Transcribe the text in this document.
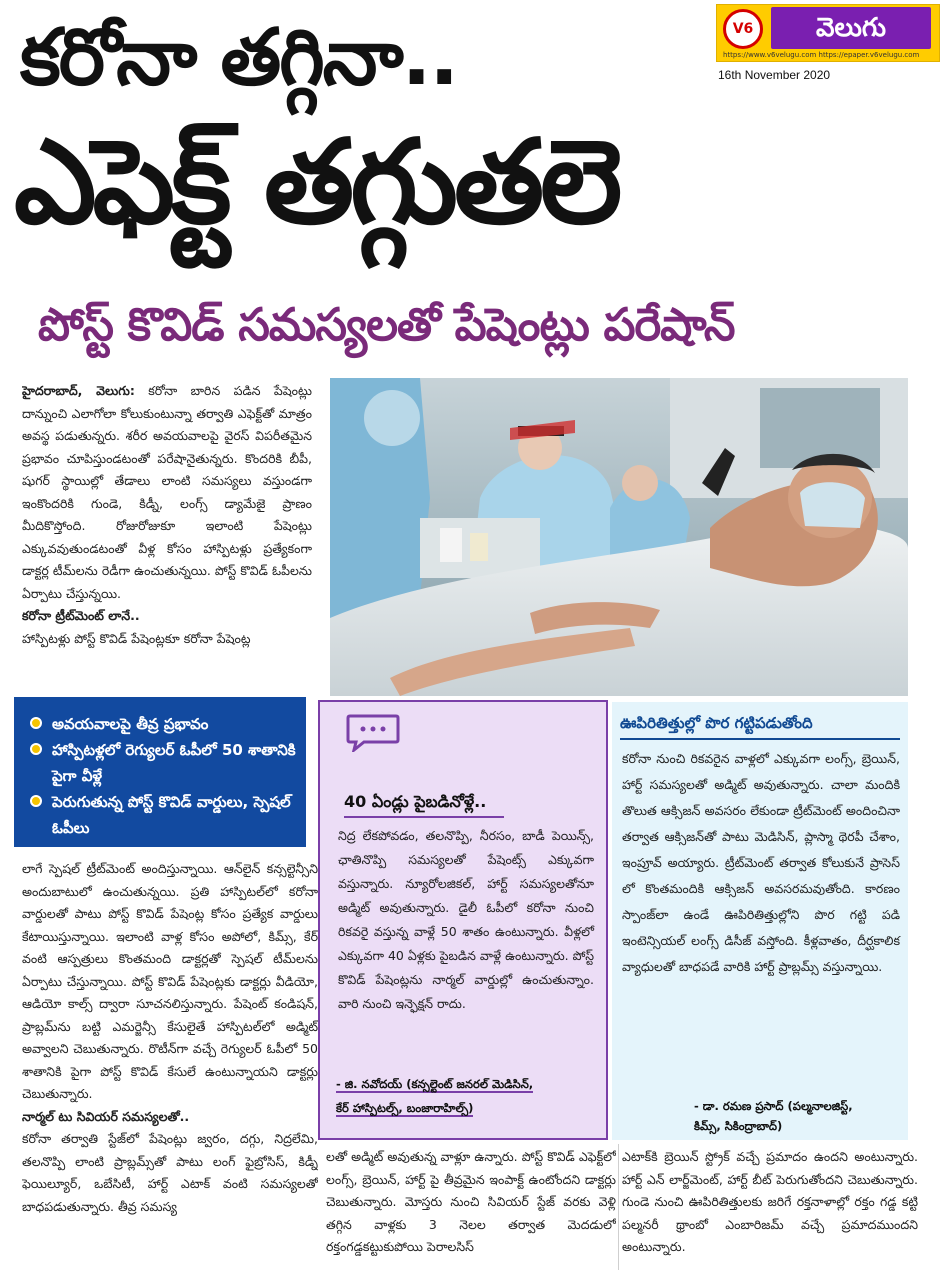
V6	వెలుగు
https://www.v6velugu.com https://epaper.v6velugu.com
16th November 2020
కరోనా తగ్గినా..
ఎఫెక్ట్ తగ్గుతలె
పోస్ట్ కొవిడ్ సమస్యలతో పేషెంట్లు పరేషాన్
హైదరాబాద్, వెలుగు: కరోనా బారిన పడిన పేషెంట్లు దాన్నుంచి ఎలాగోలా కోలుకుంటున్నా తర్వాతి ఎఫెక్ట్​తో మాత్రం అవస్థ పడుతున్నరు. శరీర అవయవాలపై వైరస్ విపరీతమైన ప్రభావం చూపిస్తుండటంతో పరేషానైతున్నరు. కొందరికి బీపీ, షుగర్ స్థాయిల్లో తేడాలు లాంటి సమస్యలు వస్తుండగా ఇంకొందరికి గుండె, కిడ్నీ, లంగ్స్ డ్యామేజై ప్రాణం మీదికొస్తోంది. రోజురోజుకూ ఇలాంటి పేషెంట్లు ఎక్కువవుతుండటంతో వీళ్ల కోసం హాస్పిటళ్లు ప్రత్యేకంగా డాక్టర్ల టీమ్​లను రెడీగా ఉంచుతున్నయి. పోస్ట్ కొవిడ్ ఓపీలను ఏర్పాటు చేస్తున్నయి.
కరోనా ట్రీట్​మెంట్ లానే..
హాస్పిటళ్లు పోస్ట్ కొవిడ్ పేషెంట్లకూ కరోనా పేషెంట్ల
అవయవాలపై తీవ్ర ప్రభావం
హాస్పిటళ్లలో రెగ్యులర్ ఓపీలో 50 శాతానికి పైగా వీళ్లే
పెరుగుతున్న పోస్ట్ కొవిడ్ వార్డులు, స్పెషల్ ఓపీలు
లాగే స్పెషల్ ట్రీట్​మెంట్ అందిస్తున్నాయి. ఆన్​లైన్ కన్సల్టెన్సీని అందుబాటులో ఉంచుతున్నయి. ప్రతి హాస్పిటల్​లో కరోనా వార్డులతో పాటు పోస్ట్ కొవిడ్ పేషెంట్ల కోసం ప్రత్యేక వార్డులు కేటాయిస్తున్నాయి. ఇలాంటి వాళ్ల కోసం అపోలో, కిమ్స్, కేర్ వంటి ఆస్పత్రులు కొంతమంది డాక్టర్లతో స్పెషల్ టీమ్​లను ఏర్పాటు చేస్తున్నాయి. పోస్ట్ కొవిడ్ పేషెంట్లకు డాక్టర్లు వీడియో, ఆడియో కాల్స్ ద్వారా సూచనలిస్తున్నారు. పేషెంట్ కండిషన్, ప్రాబ్లమ్​ను బట్టి ఎమర్జెన్సీ కేసులైతే హాస్పిటల్​లో అడ్మిట్ అవ్వాలని చెబుతున్నారు. రొటీన్​గా వచ్చే రెగ్యులర్ ఓపీలో 50 శాతానికి పైగా పోస్ట్ కొవిడ్ కేసులే ఉంటున్నాయని డాక్టర్లు చెబుతున్నారు.
నార్మల్ టు సివియర్ సమస్యలతో..
కరోనా తర్వాతి స్టేజ్​లో పేషెంట్లు జ్వరం, దగ్గు, నిద్రలేమి, తలనొప్పి లాంటి ప్రాబ్లమ్స్​తో పాటు లంగ్ ఫైబ్రోసిస్, కిడ్నీ ఫెయిల్యూర్, ఒబేసిటీ, హార్ట్ ఎటాక్ వంటి సమస్యలతో బాధపడుతున్నారు. తీవ్ర సమస్య
40 ఏండ్లు పైబడినోళ్లే..
నిద్ర లేకపోవడం, తలనొప్పి, నీరసం, బాడీ పెయిన్స్, ఛాతినొప్పి సమస్యలతో పేషెంట్స్ ఎక్కువగా వస్తున్నారు. న్యూరోలజికల్, హార్ట్ సమస్యలతోనూ అడ్మిట్ అవుతున్నారు. డైలీ ఓపీలో కరోనా నుంచి రికవరై వస్తున్న వాళ్లే 50 శాతం ఉంటున్నారు. వీళ్లలో ఎక్కువగా 40 ఏళ్లకు పైబడిన వాళ్లే ఉంటున్నారు. పోస్ట్ కొవిడ్ పేషెంట్లను నార్మల్ వార్డుల్లో ఉంచుతున్నాం. వారి నుంచి ఇన్ఫెక్షన్ రాదు.
- జి. నవోదయ్ (కన్సల్టెంట్ జనరల్ మెడిసిన్,
కేర్ హాస్పిటల్స్, బంజారాహిల్స్)
ఊపిరితిత్తుల్లో పొర గట్టిపడుతోంది
కరోనా నుంచి రికవరైన వాళ్లలో ఎక్కువగా లంగ్స్, బ్రెయిన్, హార్ట్ సమస్యలతో అడ్మిట్ అవుతున్నారు. చాలా మందికి తొలుత ఆక్సిజన్ అవసరం లేకుండా ట్రీట్​మెంట్ అందించినా తర్వాత ఆక్సిజన్​తో పాటు మెడిసిన్, ప్లాస్మా థెరపీ చేశాం, ఇంప్రూవ్ అయ్యారు. ట్రీట్​మెంట్ తర్వాత కోలుకునే ప్రాసెస్​లో కొంతమందికి ఆక్సిజన్ అవసరమవుతోంది. కారణం స్పాంజ్​లా ఉండే ఊపిరితిత్తుల్లోని పొర గట్టి పడి ఇంటెన్సియల్ లంగ్స్ డిసీజ్ వస్తోంది. కీళ్లవాతం, దీర్ఘకాలిక వ్యాధులతో బాధపడే వారికి హార్ట్ ప్రాబ్లమ్స్ వస్తున్నాయి.
- డా. రమణ ప్రసాద్ (పల్మనాలజిస్ట్,
కిమ్స్, సికింద్రాబాద్)
లతో అడ్మిట్ అవుతున్న వాళ్లూ ఉన్నారు. పోస్ట్ కొవిడ్ ఎఫెక్ట్​లో లంగ్స్, బ్రెయిన్, హార్ట్ పై తీవ్రమైన ఇంపాక్ట్ ఉంటోందని డాక్టర్లు చెబుతున్నారు. మోస్తరు నుంచి సివియర్ స్టేజ్ వరకు వెళ్లి తగ్గిన వాళ్లకు 3 నెలల తర్వాత మెదడులో రక్తంగడ్డకట్టుకుపోయి పెరాలసిస్
ఎటాక్​కి బ్రెయిన్ స్ట్రోక్ వచ్చే ప్రమాదం ఉందని అంటున్నారు. హార్ట్ ఎన్ లార్జ్​మెంట్, హార్ట్ బీట్ పెరుగుతోందని చెబుతున్నారు. గుండె నుంచి ఊపిరితిత్తులకు జరిగే రక్తనాళాల్లో రక్తం గడ్డ కట్టి పల్మనరీ థ్రాంబో ఎంబారిజమ్ వచ్చే ప్రమాదముందని అంటున్నారు.
